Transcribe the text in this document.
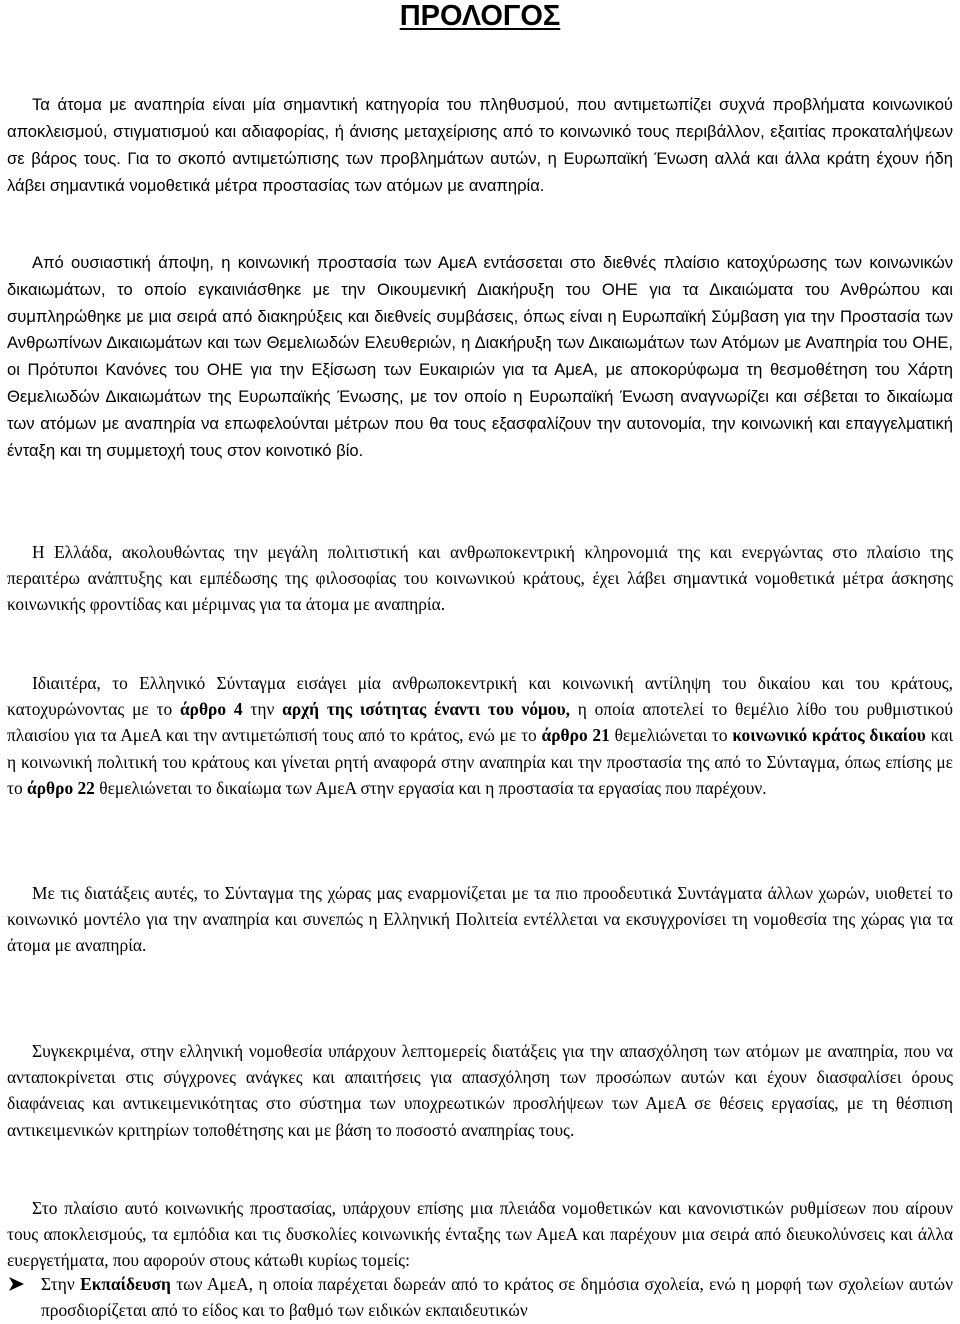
ΠΡΟΛΟΓΟΣ
Τα άτομα με αναπηρία είναι μία σημαντική κατηγορία του πληθυσμού, που αντιμετωπίζει συχνά προβλήματα κοινωνικού αποκλεισμού, στιγματισμού και αδιαφορίας, ή άνισης μεταχείρισης από το κοινωνικό τους περιβάλλον, εξαιτίας προκαταλήψεων σε βάρος τους. Για το σκοπό αντιμετώπισης των προβλημάτων αυτών, η Ευρωπαϊκή Ένωση αλλά και άλλα κράτη έχουν ήδη λάβει σημαντικά νομοθετικά μέτρα προστασίας των ατόμων με αναπηρία.
Από ουσιαστική άποψη, η κοινωνική προστασία των ΑμεΑ εντάσσεται στο διεθνές πλαίσιο κατοχύρωσης των κοινωνικών δικαιωμάτων, το οποίο εγκαινιάσθηκε με την Οικουμενική Διακήρυξη του ΟΗΕ για τα Δικαιώματα του Ανθρώπου και συμπληρώθηκε με μια σειρά από διακηρύξεις και διεθνείς συμβάσεις, όπως είναι η Ευρωπαϊκή Σύμβαση για την Προστασία των Ανθρωπίνων Δικαιωμάτων και των Θεμελιωδών Ελευθεριών, η Διακήρυξη των Δικαιωμάτων των Ατόμων με Αναπηρία του ΟΗΕ, οι Πρότυποι Κανόνες του ΟΗΕ για την Εξίσωση των Ευκαιριών για τα ΑμεΑ, με αποκορύφωμα τη θεσμοθέτηση του Χάρτη Θεμελιωδών Δικαιωμάτων της Ευρωπαϊκής Ένωσης, με τον οποίο η Ευρωπαϊκή Ένωση αναγνωρίζει και σέβεται το δικαίωμα των ατόμων με αναπηρία να επωφελούνται μέτρων που θα τους εξασφαλίζουν την αυτονομία, την κοινωνική και επαγγελματική ένταξη και τη συμμετοχή τους στον κοινοτικό βίο.
Η Ελλάδα, ακολουθώντας την μεγάλη πολιτιστική και ανθρωποκεντρική κληρονομιά της και ενεργώντας στο πλαίσιο της περαιτέρω ανάπτυξης και εμπέδωσης της φιλοσοφίας του κοινωνικού κράτους, έχει λάβει σημαντικά νομοθετικά μέτρα άσκησης κοινωνικής φροντίδας και μέριμνας για τα άτομα με αναπηρία.
Ιδιαιτέρα, το Ελληνικό Σύνταγμα εισάγει μία ανθρωποκεντρική και κοινωνική αντίληψη του δικαίου και του κράτους, κατοχυρώνοντας με το άρθρο 4 την αρχή της ισότητας έναντι του νόμου, η οποία αποτελεί το θεμέλιο λίθο του ρυθμιστικού πλαισίου για τα ΑμεΑ και την αντιμετώπισή τους από το κράτος, ενώ με το άρθρο 21 θεμελιώνεται το κοινωνικό κράτος δικαίου και η κοινωνική πολιτική του κράτους και γίνεται ρητή αναφορά στην αναπηρία και την προστασία της από το Σύνταγμα, όπως επίσης με το άρθρο 22 θεμελιώνεται το δικαίωμα των ΑμεΑ στην εργασία και η προστασία τα εργασίας που παρέχουν.
Με τις διατάξεις αυτές, το Σύνταγμα της χώρας μας εναρμονίζεται με τα πιο προοδευτικά Συντάγματα άλλων χωρών, υιοθετεί το κοινωνικό μοντέλο για την αναπηρία και συνεπώς η Ελληνική Πολιτεία εντέλλεται να εκσυγχρονίσει τη νομοθεσία της χώρας για τα άτομα με αναπηρία.
Συγκεκριμένα, στην ελληνική νομοθεσία υπάρχουν λεπτομερείς διατάξεις για την απασχόληση των ατόμων με αναπηρία, που να ανταποκρίνεται στις σύγχρονες ανάγκες και απαιτήσεις για απασχόληση των προσώπων αυτών και έχουν διασφαλίσει όρους διαφάνειας και αντικειμενικότητας στο σύστημα των υποχρεωτικών προσλήψεων των ΑμεΑ σε θέσεις εργασίας, με τη θέσπιση αντικειμενικών κριτηρίων τοποθέτησης και με βάση το ποσοστό αναπηρίας τους.
Στο πλαίσιο αυτό κοινωνικής προστασίας, υπάρχουν επίσης μια πλειάδα νομοθετικών και κανονιστικών ρυθμίσεων που αίρουν τους αποκλεισμούς, τα εμπόδια και τις δυσκολίες κοινωνικής ένταξης των ΑμεΑ και παρέχουν μια σειρά από διευκολύνσεις και άλλα ευεργετήματα, που αφορούν στους κάτωθι κυρίως τομείς:
Στην Εκπαίδευση των ΑμεΑ, η οποία παρέχεται δωρεάν από το κράτος σε δημόσια σχολεία, ενώ η μορφή των σχολείων αυτών προσδιορίζεται από το είδος και το βαθμό των ειδικών εκπαιδευτικών
